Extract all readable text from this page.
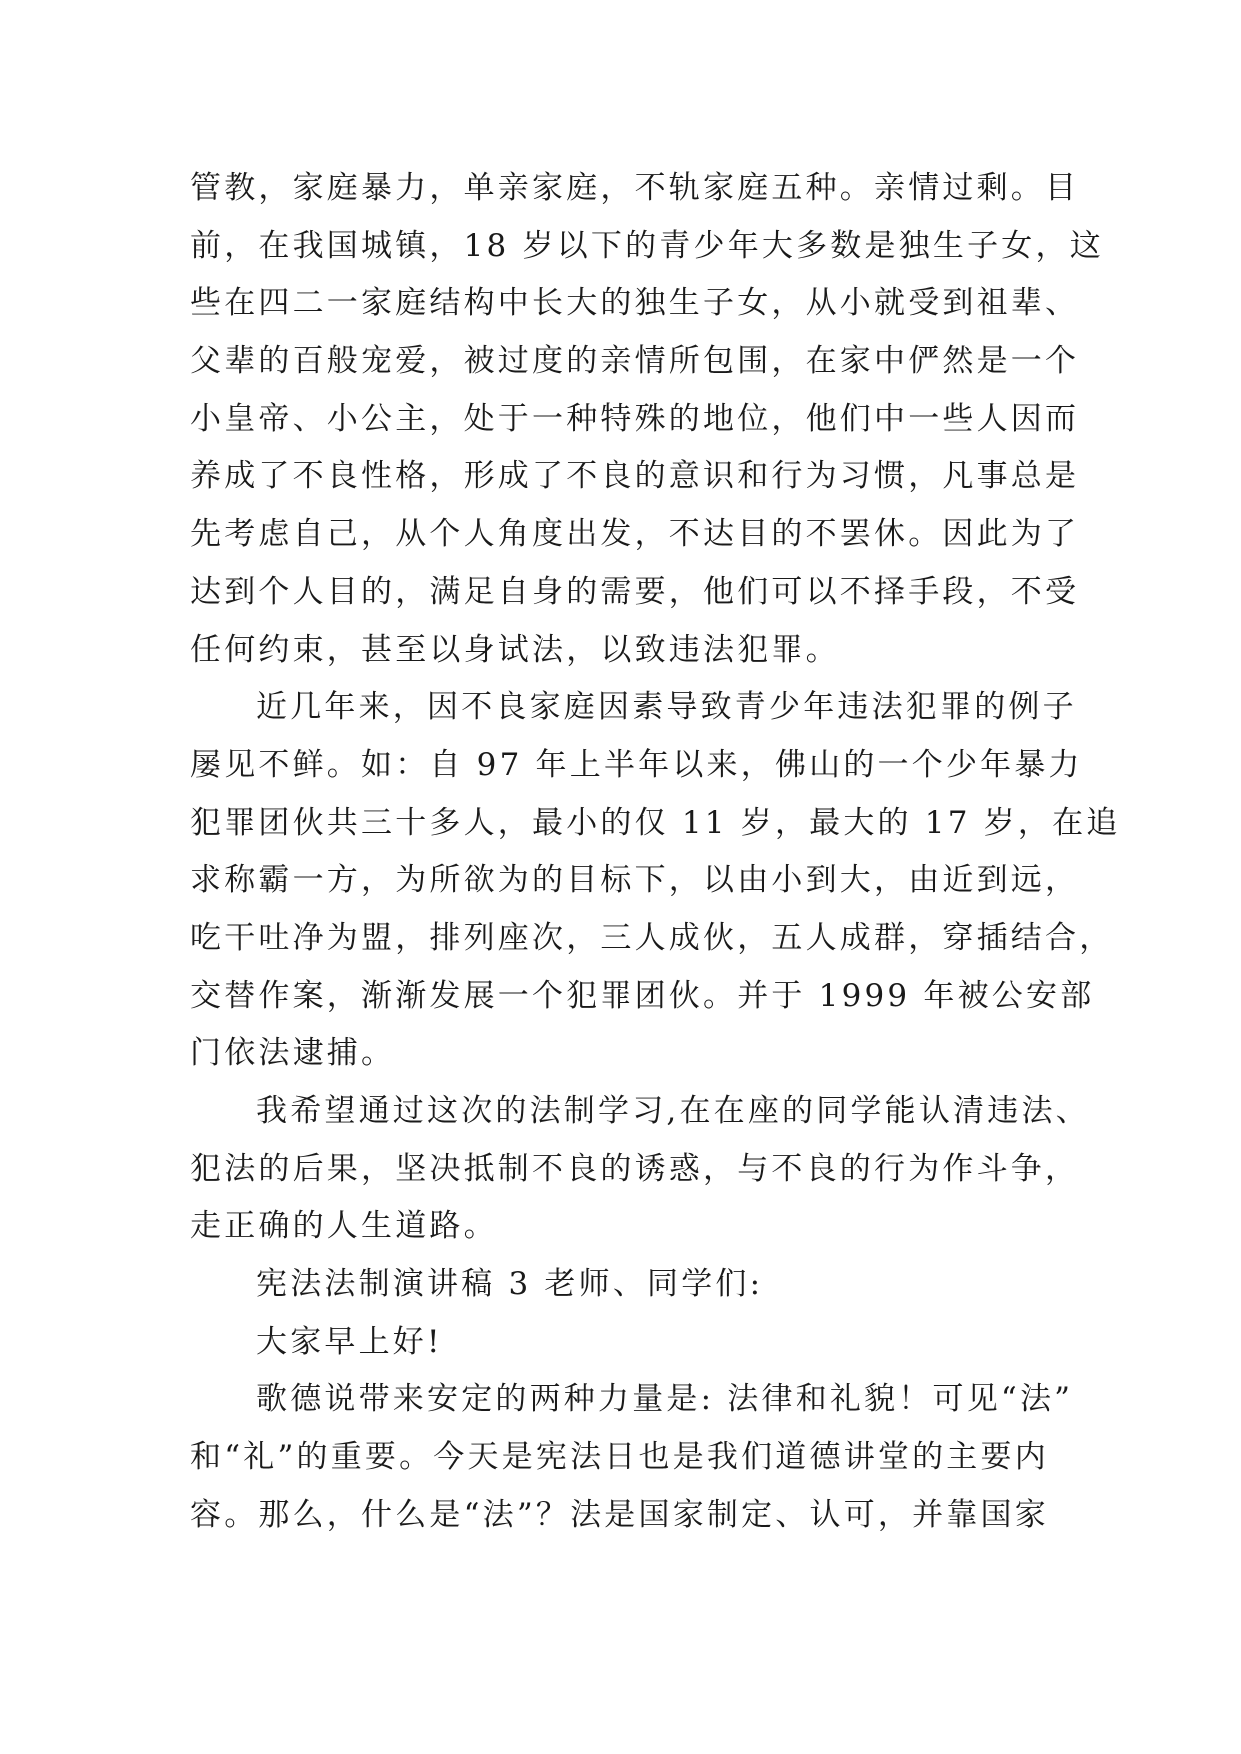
管教，家庭暴力，单亲家庭，不轨家庭五种。亲情过剩。目
前，在我国城镇，18 岁以下的青少年大多数是独生子女，这
些在四二一家庭结构中长大的独生子女，从小就受到祖辈、
父辈的百般宠爱，被过度的亲情所包围，在家中俨然是一个
小皇帝、小公主，处于一种特殊的地位，他们中一些人因而
养成了不良性格，形成了不良的意识和行为习惯，凡事总是
先考虑自己，从个人角度出发，不达目的不罢休。因此为了
达到个人目的，满足自身的需要，他们可以不择手段，不受
任何约束，甚至以身试法，以致违法犯罪。
近几年来，因不良家庭因素导致青少年违法犯罪的例子
屡见不鲜。如：自 97 年上半年以来，佛山的一个少年暴力
犯罪团伙共三十多人，最小的仅 11 岁，最大的 17 岁，在追
求称霸一方，为所欲为的目标下，以由小到大，由近到远，
吃干吐净为盟，排列座次，三人成伙，五人成群，穿插结合，
交替作案，渐渐发展一个犯罪团伙。并于 1999 年被公安部
门依法逮捕。
我希望通过这次的法制学习,在在座的同学能认清违法、
犯法的后果，坚决抵制不良的诱惑，与不良的行为作斗争，
走正确的人生道路。
宪法法制演讲稿 3 老师、同学们:
大家早上好!
歌德说带来安定的两种力量是: 法律和礼貌！可见“法”
和“礼”的重要。今天是宪法日也是我们道德讲堂的主要内
容。那么，什么是“法”？法是国家制定、认可，并靠国家
